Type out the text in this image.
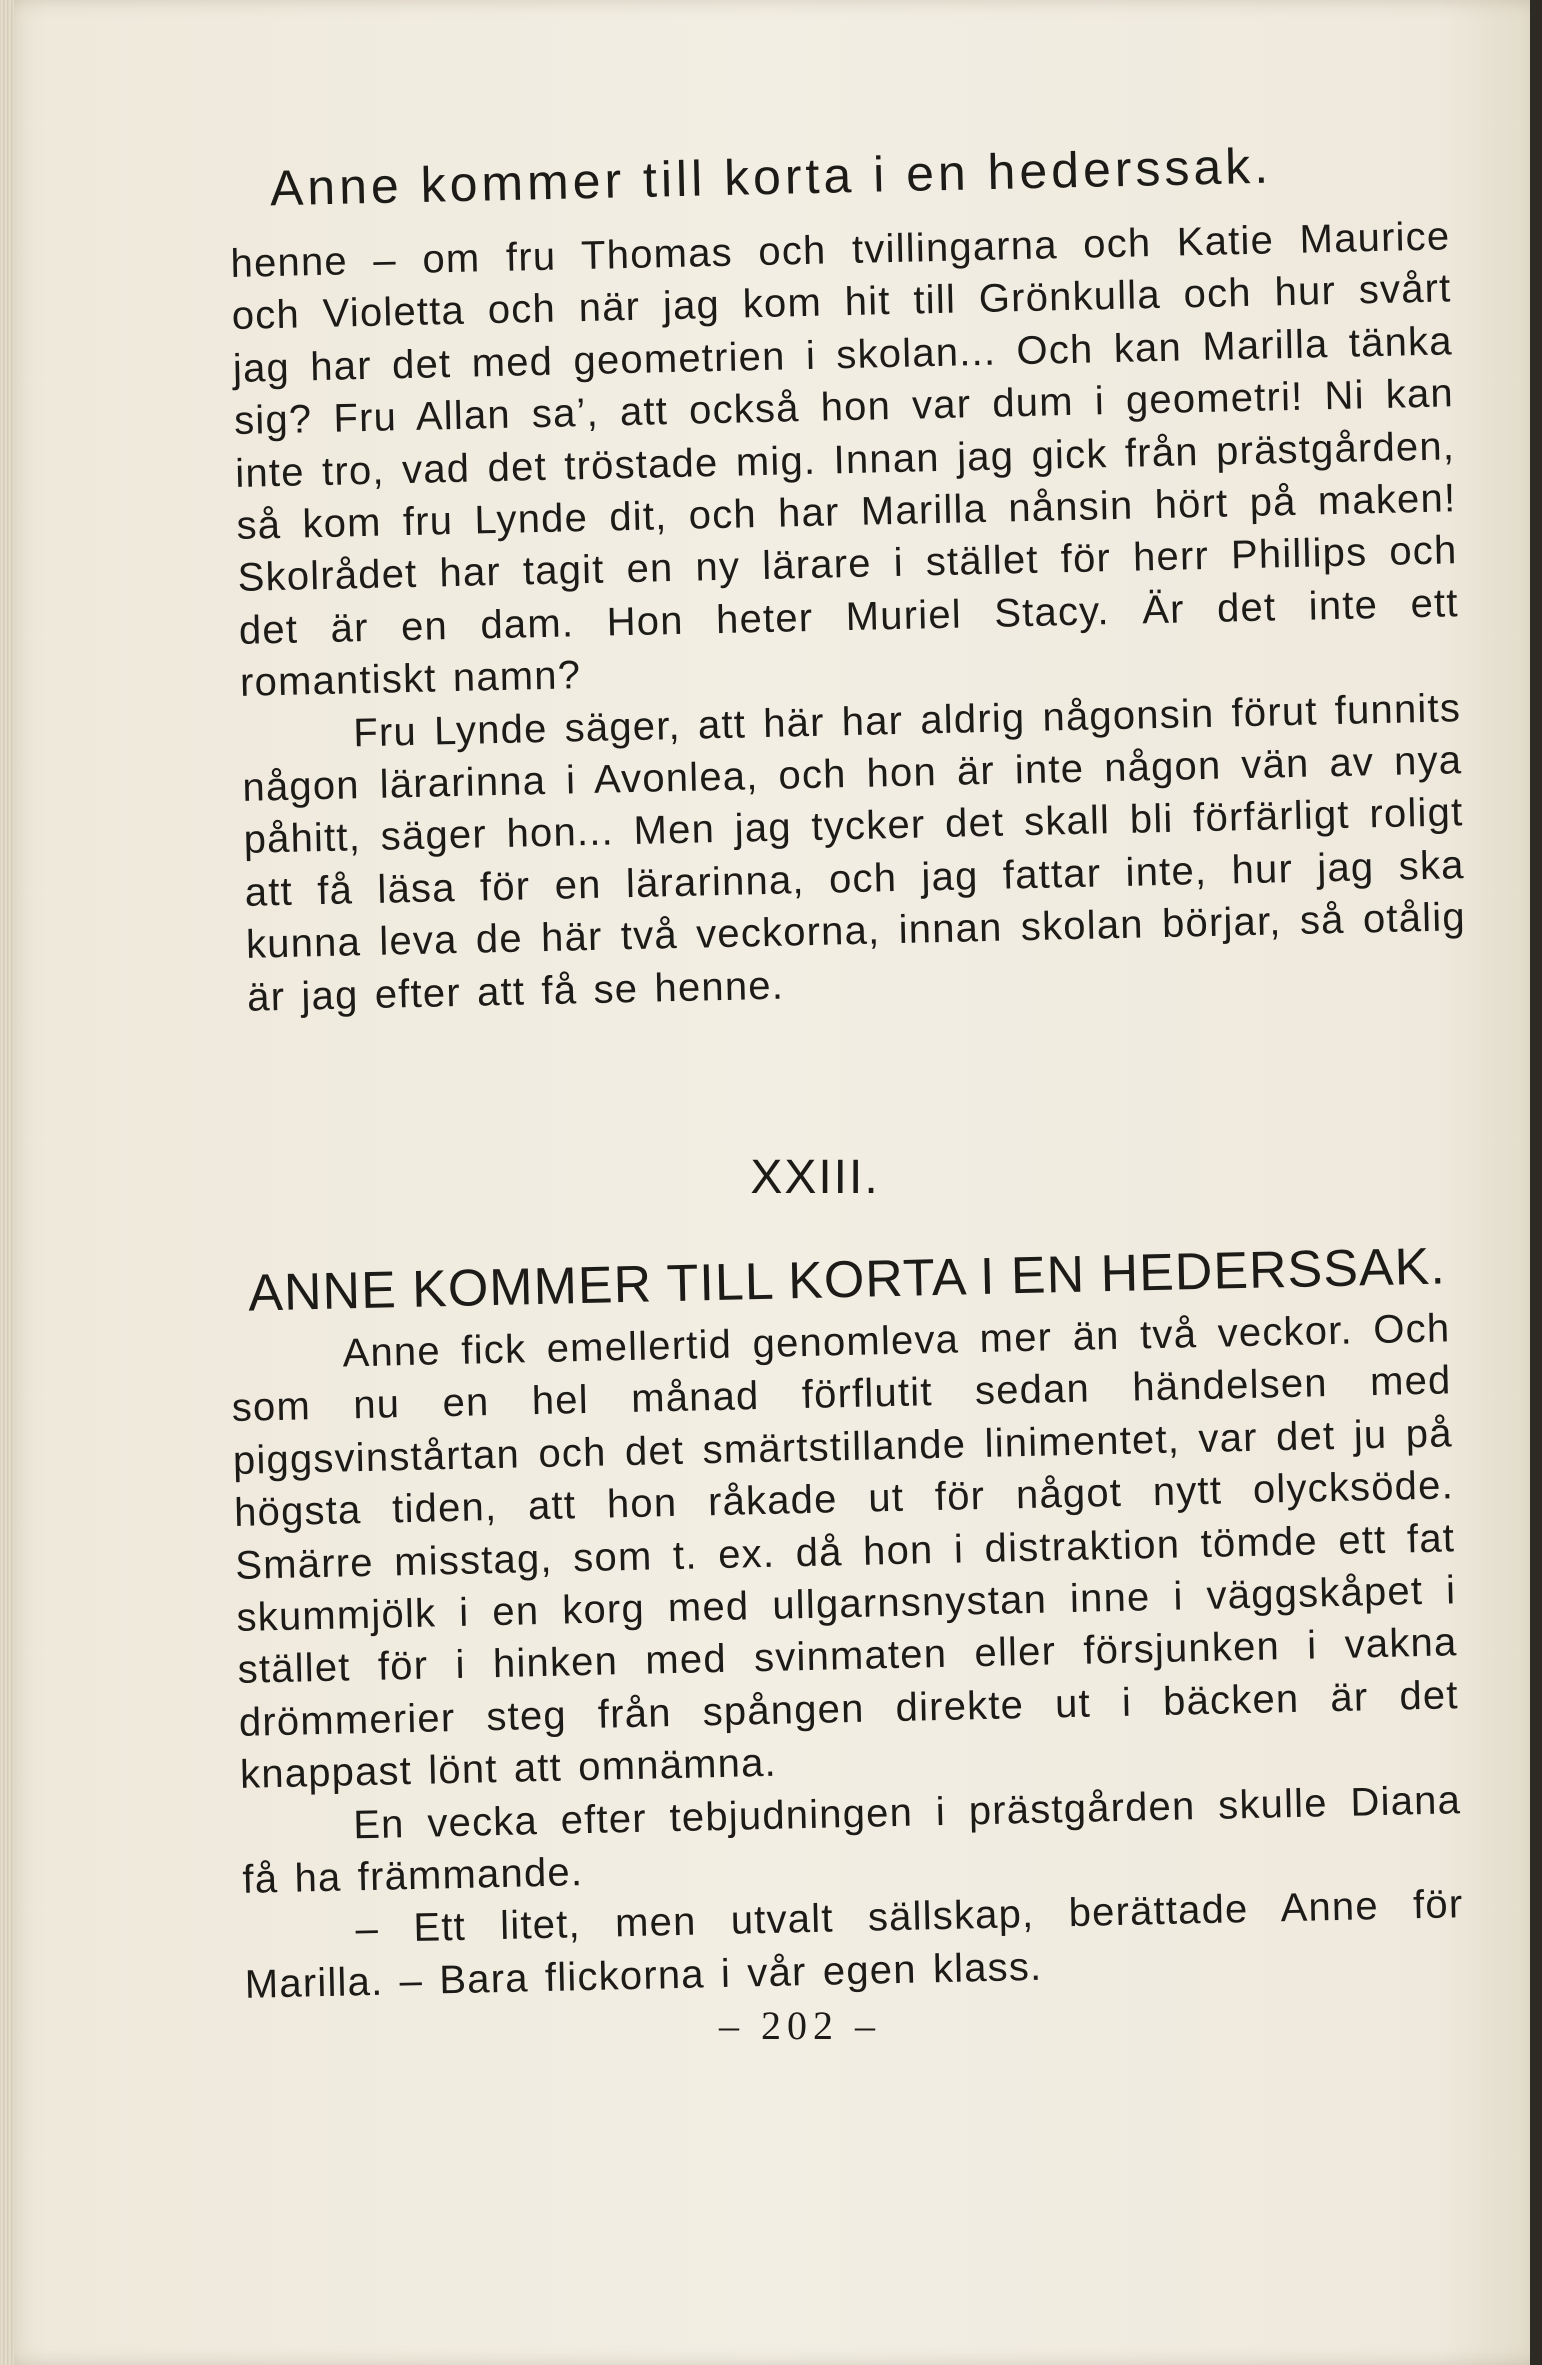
Anne kommer till korta i en hederssak.

henne – om fru Thomas och tvillingarna och Katie Maurice och Violetta och när jag kom hit till Grönkulla och hur svårt jag har det med geometrien i skolan... Och kan Marilla tänka sig? Fru Allan sa’, att också hon var dum i geometri! Ni kan inte tro, vad det tröstade mig. Innan jag gick från prästgården, så kom fru Lynde dit, och har Marilla nånsin hört på maken! Skolrådet har tagit en ny lärare i stället för herr Phillips och det är en dam. Hon heter Muriel Stacy. Är det inte ett romantiskt namn?

Fru Lynde säger, att här har aldrig någonsin förut funnits någon lärarinna i Avonlea, och hon är inte någon vän av nya påhitt, säger hon... Men jag tycker det skall bli förfärligt roligt att få läsa för en lärarinna, och jag fattar inte, hur jag ska kunna leva de här två veckorna, innan skolan börjar, så otålig är jag efter att få se henne.

XXIII.
ANNE KOMMER TILL KORTA I EN HEDERSSAK.

Anne fick emellertid genomleva mer än två veckor. Och som nu en hel månad förflutit sedan händelsen med piggsvinstårtan och det smärtstillande linimentet, var det ju på högsta tiden, att hon råkade ut för något nytt olycksöde. Smärre misstag, som t. ex. då hon i distraktion tömde ett fat skummjölk i en korg med ullgarnsnystan inne i väggskåpet i stället för i hinken med svinmaten eller försjunken i vakna drömmerier steg från spången direkte ut i bäcken är det knappast lönt att omnämna.

En vecka efter tebjudningen i prästgården skulle Diana få ha främmande.

– Ett litet, men utvalt sällskap, berättade Anne för Marilla. – Bara flickorna i vår egen klass.

– 202 –
